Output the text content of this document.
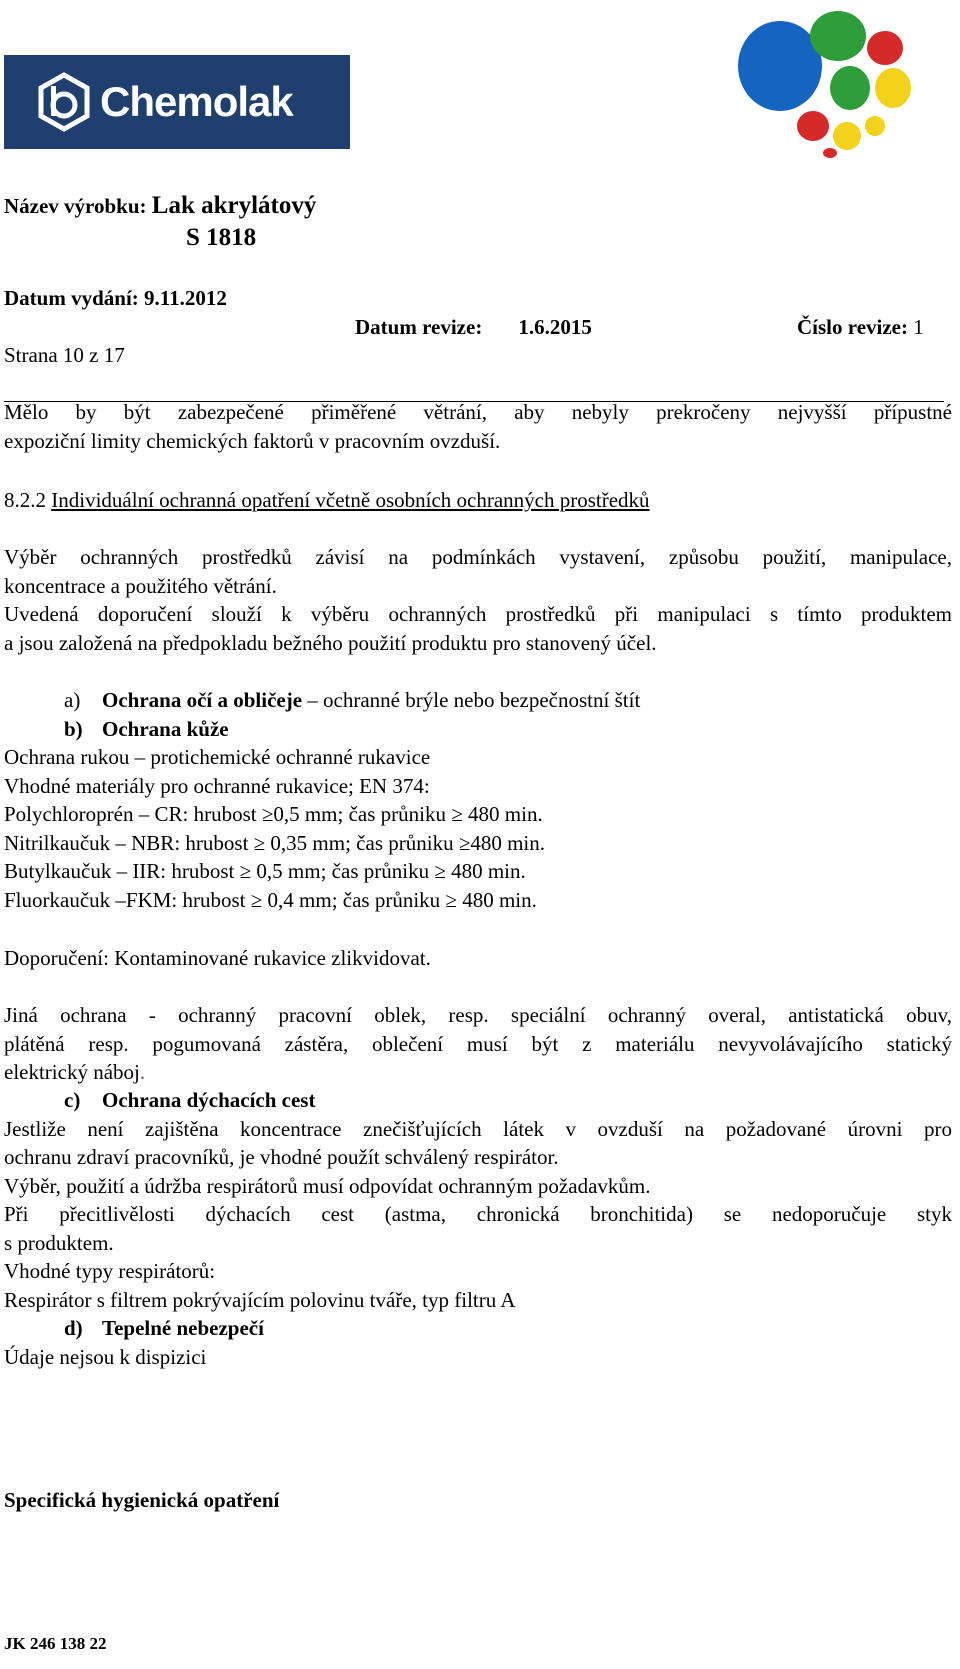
Chemolak
Název výrobku: Lak akrylátový
S 1818
Datum vydání: 9.11.2012
Datum revize: 1.6.2015	Číslo revize: 1
Strana 10 z 17
Mělo by být zabezpečené přiměřené větrání, aby nebyly prekročeny nejvyšší přípustné
expoziční limity chemických faktorů v pracovním ovzduší.
8.2.2 Individuální ochranná opatření včetně osobních ochranných prostředků
Výběr ochranných prostředků závisí na podmínkách vystavení, způsobu použití, manipulace,
koncentrace a použitého větrání.
Uvedená doporučení slouží k výběru ochranných prostředků při manipulaci s tímto produktem
a jsou založená na předpokladu bežného použití produktu pro stanovený účel.
a) Ochrana očí a obličeje – ochranné brýle nebo bezpečnostní štít
b) Ochrana kůže
Ochrana rukou – protichemické ochranné rukavice
Vhodné materiály pro ochranné rukavice; EN 374:
Polychloroprén – CR: hrubost ≥0,5 mm; čas průniku ≥ 480 min.
Nitrilkaučuk – NBR: hrubost ≥ 0,35 mm; čas průniku ≥480 min.
Butylkaučuk – IIR: hrubost ≥ 0,5 mm; čas průniku ≥ 480 min.
Fluorkaučuk –FKM: hrubost ≥ 0,4 mm; čas průniku ≥ 480 min.
Doporučení: Kontaminované rukavice zlikvidovat.
Jiná ochrana - ochranný pracovní oblek, resp. speciální ochranný overal, antistatická obuv,
plátěná resp. pogumovaná zástěra, oblečení musí být z materiálu nevyvolávajícího statický
elektrický náboj.
c) Ochrana dýchacích cest
Jestliže není zajištěna koncentrace znečišťujících látek v ovzduší na požadované úrovni pro
ochranu zdraví pracovníků, je vhodné použít schválený respirátor.
Výběr, použití a údržba respirátorů musí odpovídat ochranným požadavkům.
Při přecitlivělosti dýchacích cest (astma, chronická bronchitida) se nedoporučuje styk
s produktem.
Vhodné typy respirátorů:
Respirátor s filtrem pokrývajícím polovinu tváře, typ filtru A
d) Tepelné nebezpečí
Údaje nejsou k dispizici
Specifická hygienická opatření
JK 246 138 22
